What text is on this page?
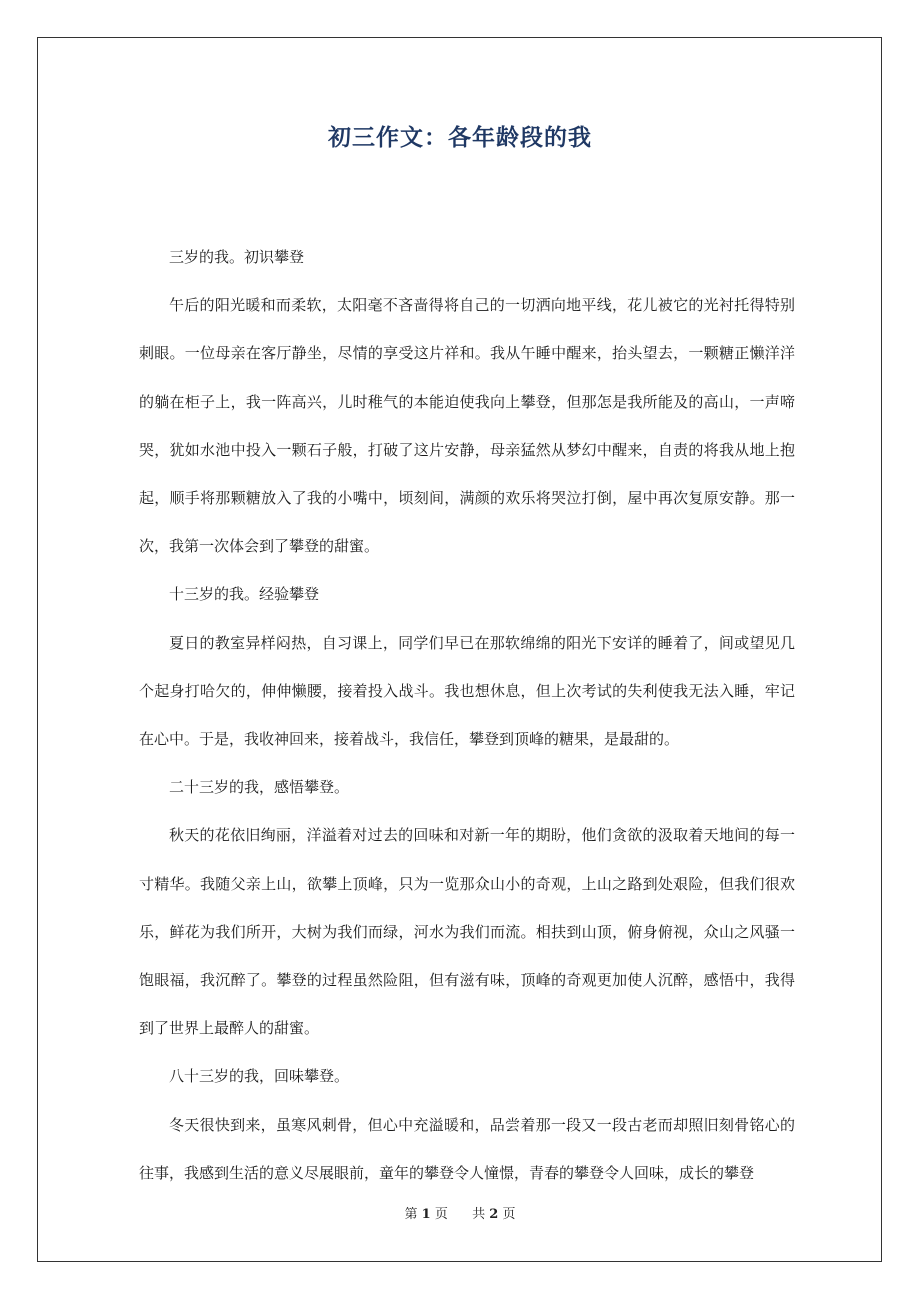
初三作文：各年龄段的我

三岁的我。初识攀登

午后的阳光暖和而柔软，太阳毫不吝啬得将自己的一切洒向地平线，花儿被它的光衬托得特别刺眼。一位母亲在客厅静坐，尽情的享受这片祥和。我从午睡中醒来，抬头望去，一颗糖正懒洋洋的躺在柜子上，我一阵高兴，儿时稚气的本能迫使我向上攀登，但那怎是我所能及的高山，一声啼哭，犹如水池中投入一颗石子般，打破了这片安静，母亲猛然从梦幻中醒来，自责的将我从地上抱起，顺手将那颗糖放入了我的小嘴中，顷刻间，满颜的欢乐将哭泣打倒，屋中再次复原安静。那一次，我第一次体会到了攀登的甜蜜。

十三岁的我。经验攀登

夏日的教室异样闷热，自习课上，同学们早已在那软绵绵的阳光下安详的睡着了，间或望见几个起身打哈欠的，伸伸懒腰，接着投入战斗。我也想休息，但上次考试的失利使我无法入睡，牢记在心中。于是，我收神回来，接着战斗，我信任，攀登到顶峰的糖果，是最甜的。

二十三岁的我，感悟攀登。

秋天的花依旧绚丽，洋溢着对过去的回味和对新一年的期盼，他们贪欲的汲取着天地间的每一寸精华。我随父亲上山，欲攀上顶峰，只为一览那众山小的奇观，上山之路到处艰险，但我们很欢乐，鲜花为我们所开，大树为我们而绿，河水为我们而流。相扶到山顶，俯身俯视，众山之风骚一饱眼福，我沉醉了。攀登的过程虽然险阻，但有滋有味，顶峰的奇观更加使人沉醉，感悟中，我得到了世界上最醉人的甜蜜。

八十三岁的我，回味攀登。

冬天很快到来，虽寒风刺骨，但心中充溢暖和，品尝着那一段又一段古老而却照旧刻骨铭心的往事，我感到生活的意义尽展眼前，童年的攀登令人憧憬，青春的攀登令人回味，成长的攀登

第 1 页 共 2 页
